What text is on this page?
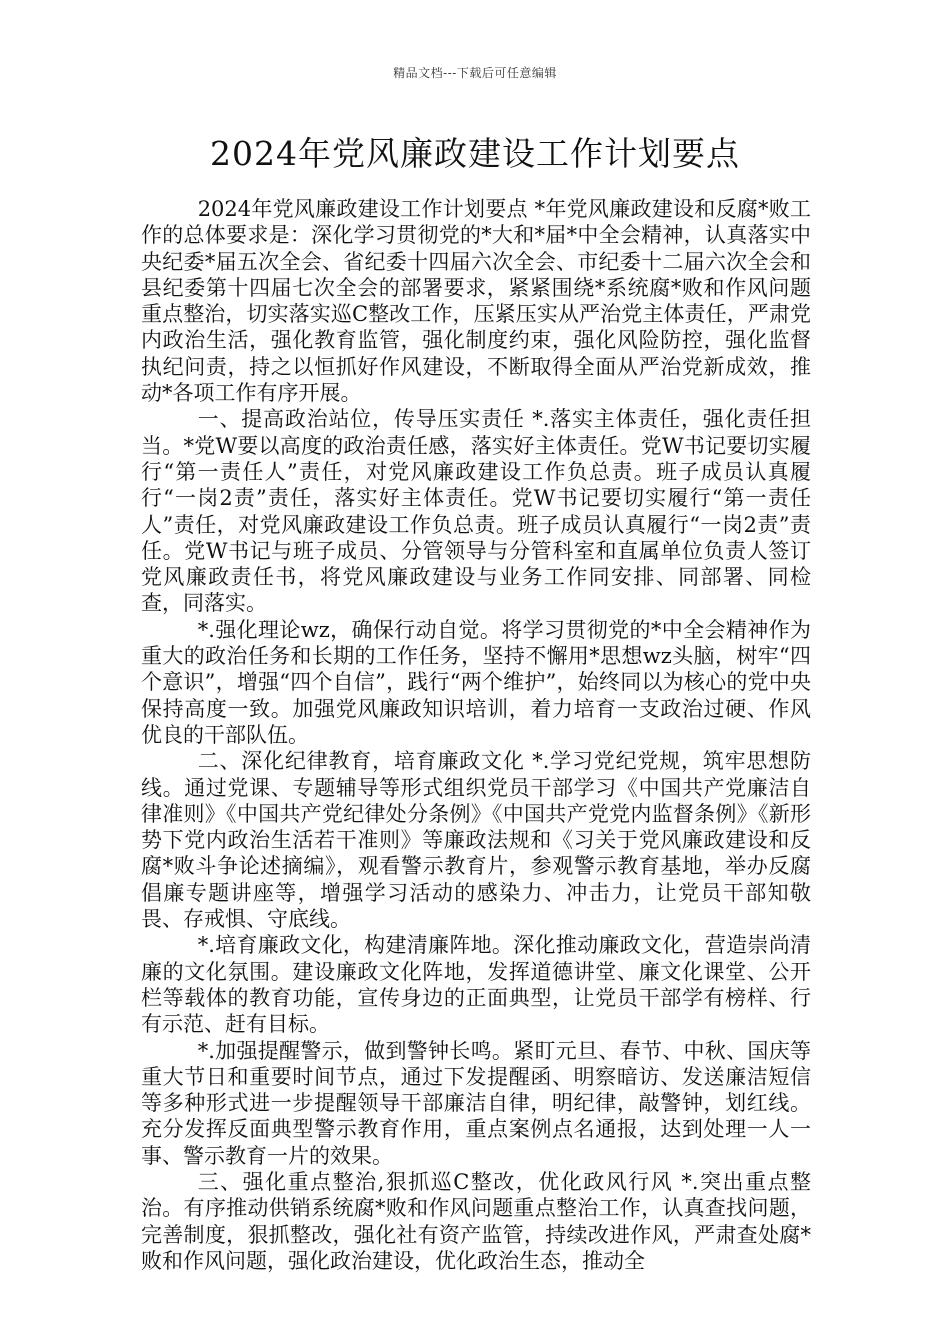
精品文档---下载后可任意编辑
2024年党风廉政建设工作计划要点

2024年党风廉政建设工作计划要点 *年党风廉政建设和反腐*败工作的总体要求是：深化学习贯彻党的*大和*届*中全会精神，认真落实中央纪委*届五次全会、省纪委十四届六次全会、市纪委十二届六次全会和县纪委第十四届七次全会的部署要求，紧紧围绕*系统腐*败和作风问题重点整治，切实落实巡C整改工作，压紧压实从严治党主体责任，严肃党内政治生活，强化教育监管，强化制度约束，强化风险防控，强化监督执纪问责，持之以恒抓好作风建设，不断取得全面从严治党新成效，推动*各项工作有序开展。

一、提高政治站位，传导压实责任 *.落实主体责任，强化责任担当。*党W要以高度的政治责任感，落实好主体责任。党W书记要切实履行“第一责任人”责任，对党风廉政建设工作负总责。班子成员认真履行“一岗2责”责任，落实好主体责任。党W书记要切实履行“第一责任人”责任，对党风廉政建设工作负总责。班子成员认真履行“一岗2责”责任。党W书记与班子成员、分管领导与分管科室和直属单位负责人签订党风廉政责任书，将党风廉政建设与业务工作同安排、同部署、同检查，同落实。

*.强化理论wz，确保行动自觉。将学习贯彻党的*中全会精神作为重大的政治任务和长期的工作任务，坚持不懈用*思想wz头脑，树牢“四个意识”，增强“四个自信”，践行“两个维护”，始终同以为核心的党中央保持高度一致。加强党风廉政知识培训，着力培育一支政治过硬、作风优良的干部队伍。

二、深化纪律教育，培育廉政文化 *.学习党纪党规，筑牢思想防线。通过党课、专题辅导等形式组织党员干部学习《中国共产党廉洁自律准则》《中国共产党纪律处分条例》《中国共产党党内监督条例》《新形势下党内政治生活若干准则》等廉政法规和《习关于党风廉政建设和反腐*败斗争论述摘编》，观看警示教育片，参观警示教育基地，举办反腐倡廉专题讲座等，增强学习活动的感染力、冲击力，让党员干部知敬畏、存戒惧、守底线。

*.培育廉政文化，构建清廉阵地。深化推动廉政文化，营造崇尚清廉的文化氛围。建设廉政文化阵地，发挥道德讲堂、廉文化课堂、公开栏等载体的教育功能，宣传身边的正面典型，让党员干部学有榜样、行有示范、赶有目标。

*.加强提醒警示，做到警钟长鸣。紧盯元旦、春节、中秋、国庆等重大节日和重要时间节点，通过下发提醒函、明察暗访、发送廉洁短信等多种形式进一步提醒领导干部廉洁自律，明纪律，敲警钟，划红线。充分发挥反面典型警示教育作用，重点案例点名通报，达到处理一人一事、警示教育一片的效果。

三、强化重点整治,狠抓巡C整改，优化政风行风 *.突出重点整治。有序推动供销系统腐*败和作风问题重点整治工作，认真查找问题，完善制度，狠抓整改，强化社有资产监管，持续改进作风，严肃查处腐*败和作风问题，强化政治建设，优化政治生态，推动全
